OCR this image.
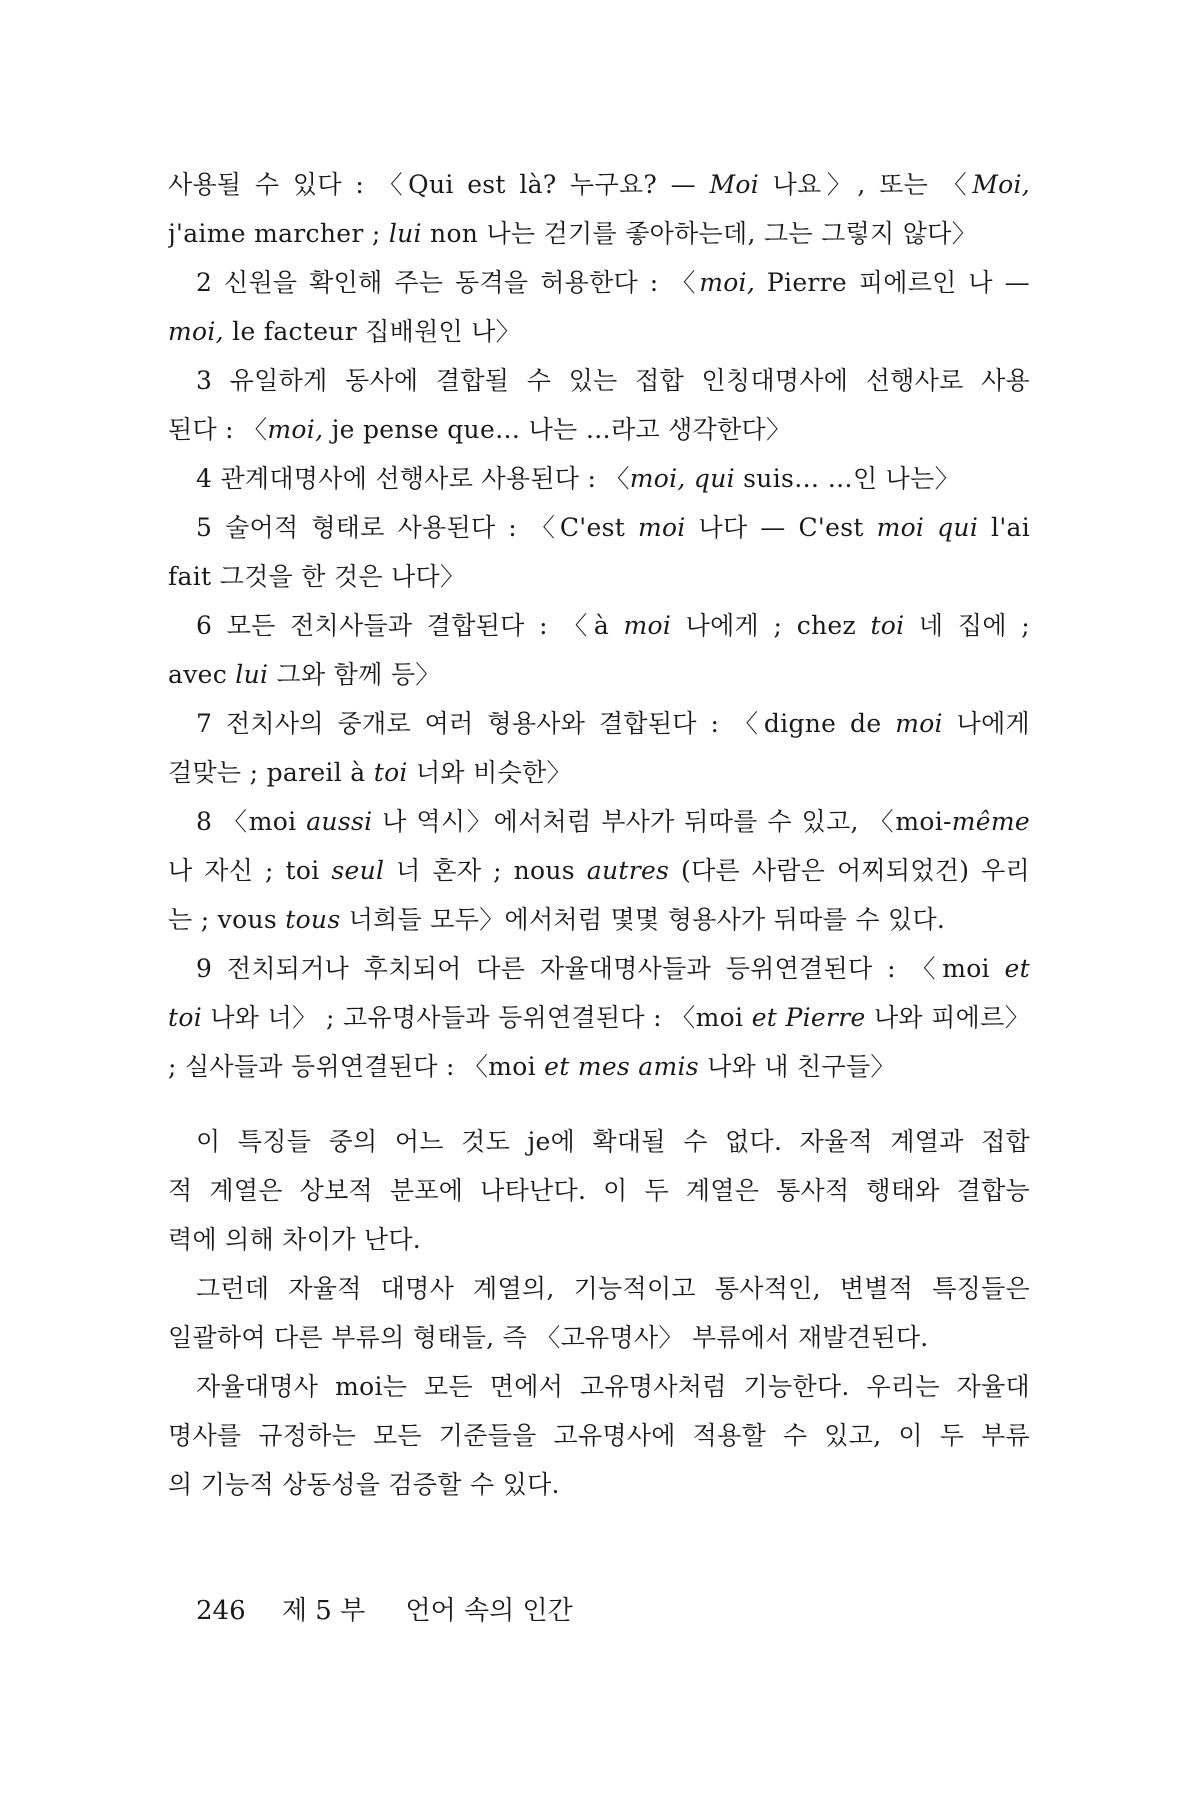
사용될 수 있다 : 〈Qui est là? 누구요? — Moi 나요〉, 또는 〈Moi,
j'aime marcher ; lui non 나는 걷기를 좋아하는데, 그는 그렇지 않다〉
2 신원을 확인해 주는 동격을 허용한다 : 〈moi, Pierre 피에르인 나 —
moi, le facteur 집배원인 나〉
3 유일하게 동사에 결합될 수 있는 접합 인칭대명사에 선행사로 사용
된다 : 〈moi, je pense que… 나는 …라고 생각한다〉
4 관계대명사에 선행사로 사용된다 : 〈moi, qui suis… …인 나는〉
5 술어적 형태로 사용된다 : 〈C'est moi 나다 — C'est moi qui l'ai
fait 그것을 한 것은 나다〉
6 모든 전치사들과 결합된다 : 〈à moi 나에게 ; chez toi 네 집에 ;
avec lui 그와 함께 등〉
7 전치사의 중개로 여러 형용사와 결합된다 : 〈digne de moi 나에게
걸맞는 ; pareil à toi 너와 비슷한〉
8 〈moi aussi 나 역시〉에서처럼 부사가 뒤따를 수 있고, 〈moi-même
나 자신 ; toi seul 너 혼자 ; nous autres (다른 사람은 어찌되었건) 우리
는 ; vous tous 너희들 모두〉에서처럼 몇몇 형용사가 뒤따를 수 있다.
9 전치되거나 후치되어 다른 자율대명사들과 등위연결된다 : 〈moi et
toi 나와 너〉 ; 고유명사들과 등위연결된다 : 〈moi et Pierre 나와 피에르〉
; 실사들과 등위연결된다 : 〈moi et mes amis 나와 내 친구들〉
이 특징들 중의 어느 것도 je에 확대될 수 없다. 자율적 계열과 접합
적 계열은 상보적 분포에 나타난다. 이 두 계열은 통사적 행태와 결합능
력에 의해 차이가 난다.
그런데 자율적 대명사 계열의, 기능적이고 통사적인, 변별적 특징들은
일괄하여 다른 부류의 형태들, 즉 〈고유명사〉 부류에서 재발견된다.
자율대명사 moi는 모든 면에서 고유명사처럼 기능한다. 우리는 자율대
명사를 규정하는 모든 기준들을 고유명사에 적용할 수 있고, 이 두 부류
의 기능적 상동성을 검증할 수 있다.
246 제 5 부 언어 속의 인간
